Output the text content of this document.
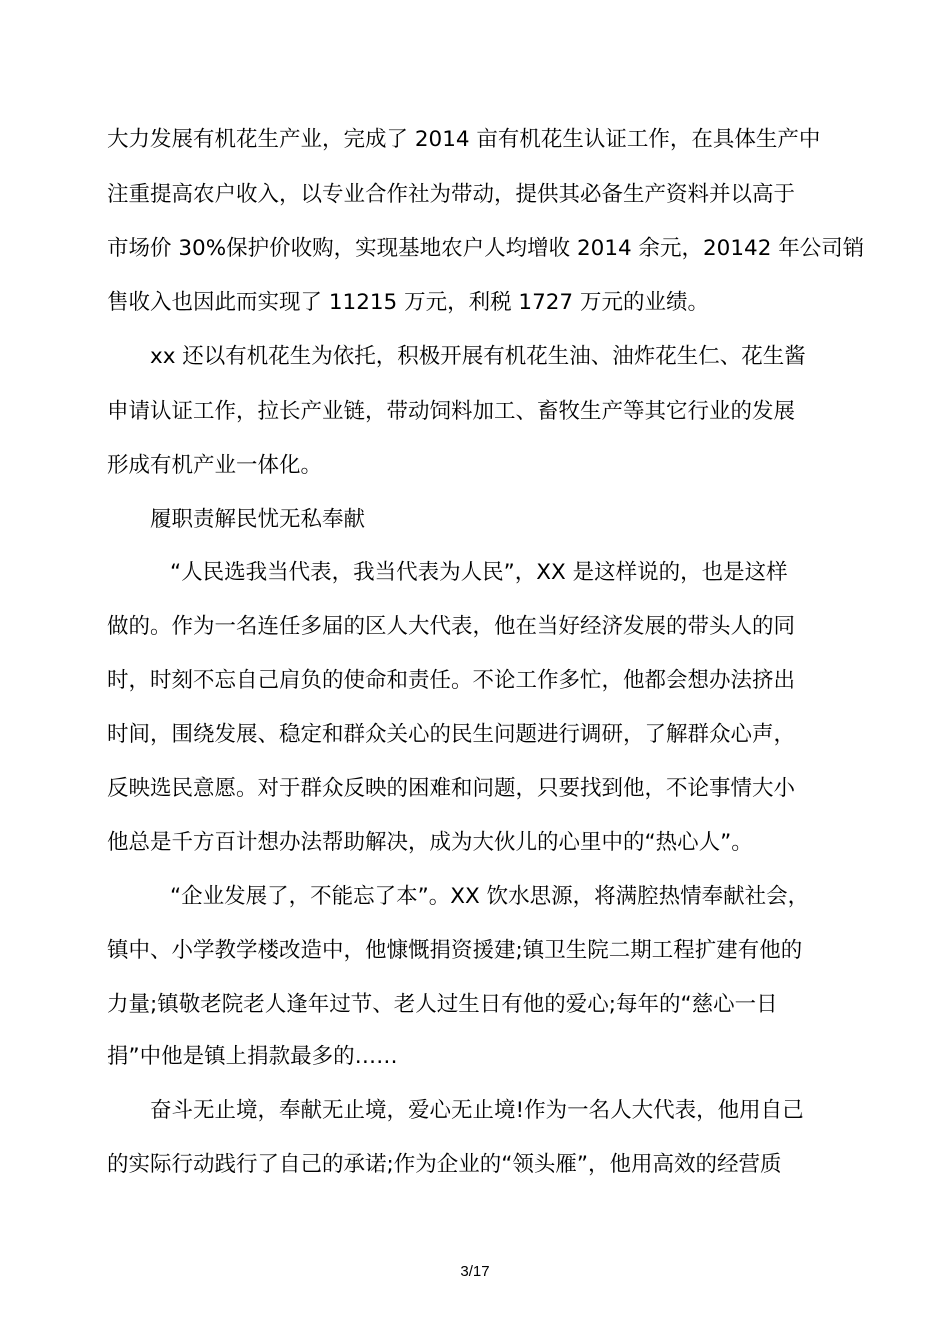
大力发展有机花生产业，完成了 2014 亩有机花生认证工作，在具体生产中
注重提高农户收入，以专业合作社为带动，提供其必备生产资料并以高于
市场价 30%保护价收购，实现基地农户人均增收 2014 余元，20142 年公司销
售收入也因此而实现了 11215 万元，利税 1727 万元的业绩。
xx 还以有机花生为依托，积极开展有机花生油、油炸花生仁、花生酱
申请认证工作，拉长产业链，带动饲料加工、畜牧生产等其它行业的发展
形成有机产业一体化。
履职责解民忧无私奉献
“人民选我当代表，我当代表为人民”，XX 是这样说的，也是这样
做的。作为一名连任多届的区人大代表，他在当好经济发展的带头人的同
时，时刻不忘自己肩负的使命和责任。不论工作多忙，他都会想办法挤出
时间，围绕发展、稳定和群众关心的民生问题进行调研，了解群众心声，
反映选民意愿。对于群众反映的困难和问题，只要找到他，不论事情大小
他总是千方百计想办法帮助解决，成为大伙儿的心里中的“热心人”。
“企业发展了，不能忘了本”。XX 饮水思源，将满腔热情奉献社会，
镇中、小学教学楼改造中，他慷慨捐资援建;镇卫生院二期工程扩建有他的
力量;镇敬老院老人逢年过节、老人过生日有他的爱心;每年的“慈心一日
捐”中他是镇上捐款最多的……
奋斗无止境，奉献无止境，爱心无止境!作为一名人大代表，他用自己
的实际行动践行了自己的承诺;作为企业的“领头雁”，他用高效的经营质
3/17
